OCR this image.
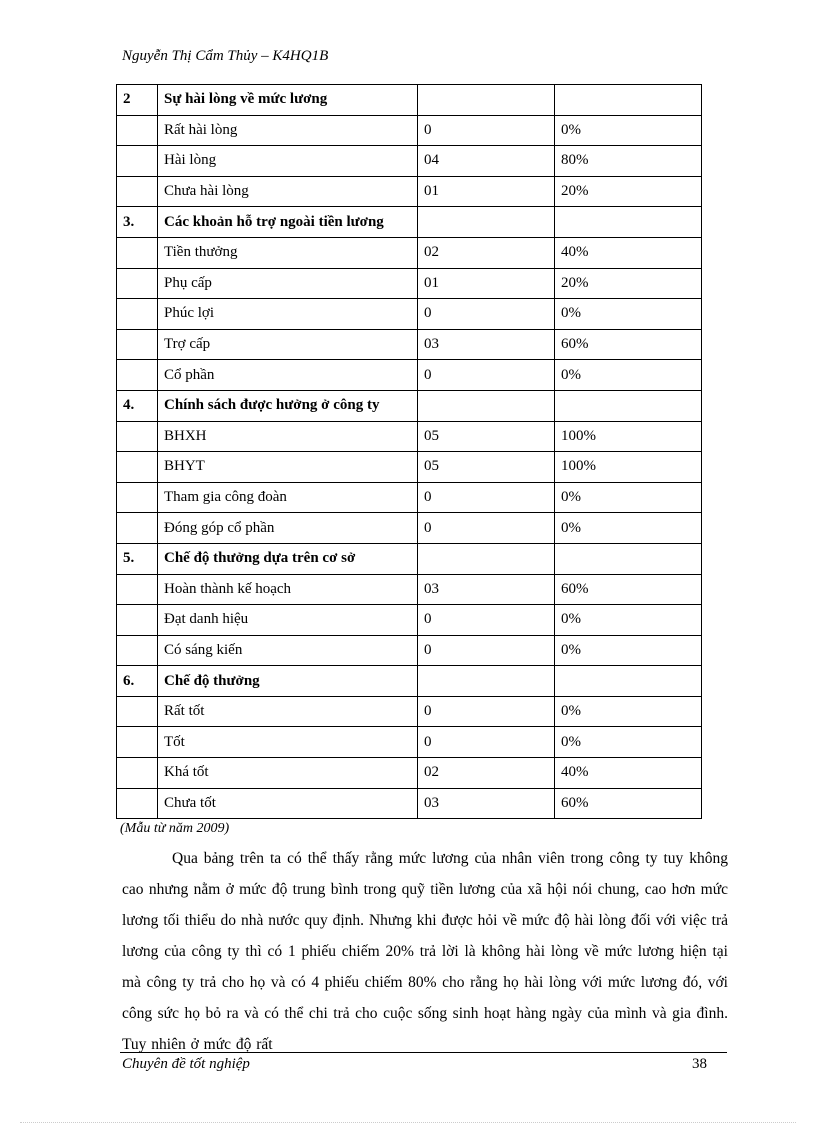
Nguyễn Thị Cẩm Thủy – K4HQ1B
2	Sự hài lòng về mức lương		
	Rất hài lòng	0	0%
	Hài lòng	04	80%
	Chưa hài lòng	01	20%
3.	Các khoản hỗ trợ ngoài tiền lương		
	Tiền thưởng	02	40%
	Phụ cấp	01	20%
	Phúc lợi	0	0%
	Trợ cấp	03	60%
	Cổ phần	0	0%
4.	Chính sách được hưởng ở công ty		
	BHXH	05	100%
	BHYT	05	100%
	Tham gia công đoàn	0	0%
	Đóng góp cổ phần	0	0%
5.	Chế độ thưởng dựa trên cơ sở		
	Hoàn thành kế hoạch	03	60%
	Đạt danh hiệu	0	0%
	Có sáng kiến	0	0%
6.	Chế độ thưởng		
	Rất tốt	0	0%
	Tốt	0	0%
	Khá tốt	02	40%
	Chưa tốt	03	60%
(Mẫu từ năm 2009)
Qua bảng trên ta có thể thấy rằng mức lương của nhân viên trong công ty tuy không cao nhưng nằm ở mức độ trung bình trong quỹ tiền lương của xã hội nói chung, cao hơn mức lương tối thiểu do nhà nước quy định. Nhưng khi được hỏi về mức độ hài lòng đối với việc trả lương của công ty thì có 1 phiếu chiếm 20% trả lời là không hài lòng về mức lương hiện tại mà công ty trả cho họ và có 4 phiếu chiếm 80% cho rằng họ hài lòng với mức lương đó, với công sức họ bỏ ra và có thể chi trả cho cuộc sống sinh hoạt hàng ngày của mình và gia đình. Tuy nhiên ở mức độ rất
Chuyên đề tốt nghiệp	38
